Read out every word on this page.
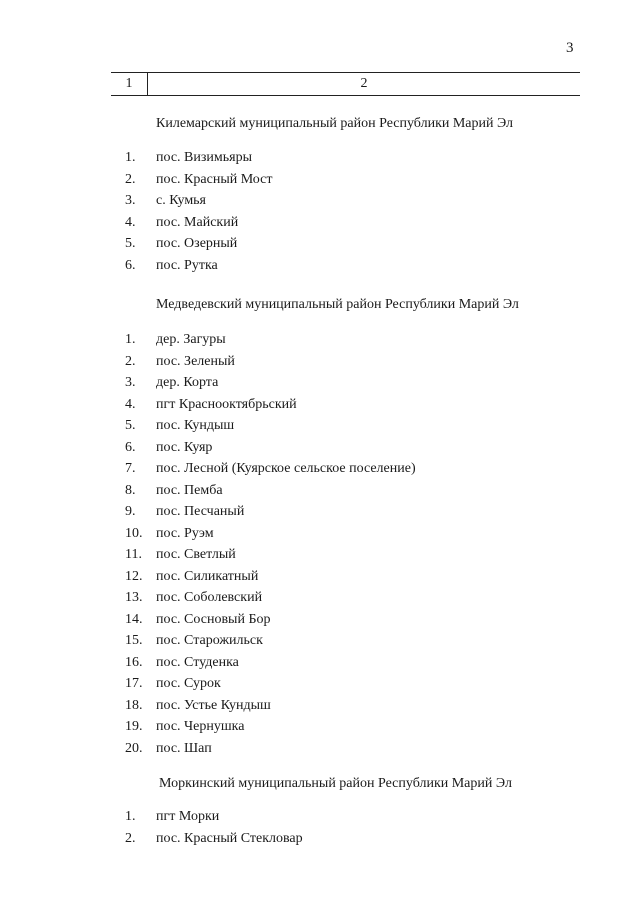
3
1	2
Килемарский муниципальный район Республики Марий Эл
1.	пос. Визимьяры
2.	пос. Красный Мост
3.	с. Кумья
4.	пос. Майский
5.	пос. Озерный
6.	пос. Рутка
Медведевский муниципальный район Республики Марий Эл
1.	дер. Загуры
2.	пос. Зеленый
3.	дер. Корта
4.	пгт Краснооктябрьский
5.	пос. Кундыш
6.	пос. Куяр
7.	пос. Лесной (Куярское сельское поселение)
8.	пос. Пемба
9.	пос. Песчаный
10. пос. Руэм
11.	пос. Светлый
12. пос. Силикатный
13. пос. Соболевский
14. пос. Сосновый Бор
15. пос. Старожильск
16. пос. Студенка
17. пос. Сурок
18. пос. Устье Кундыш
19. пос. Чернушка
20. пос. Шап
Моркинский муниципальный район Республики Марий Эл
1.	пгт Морки
2.	пос. Красный Стекловар
